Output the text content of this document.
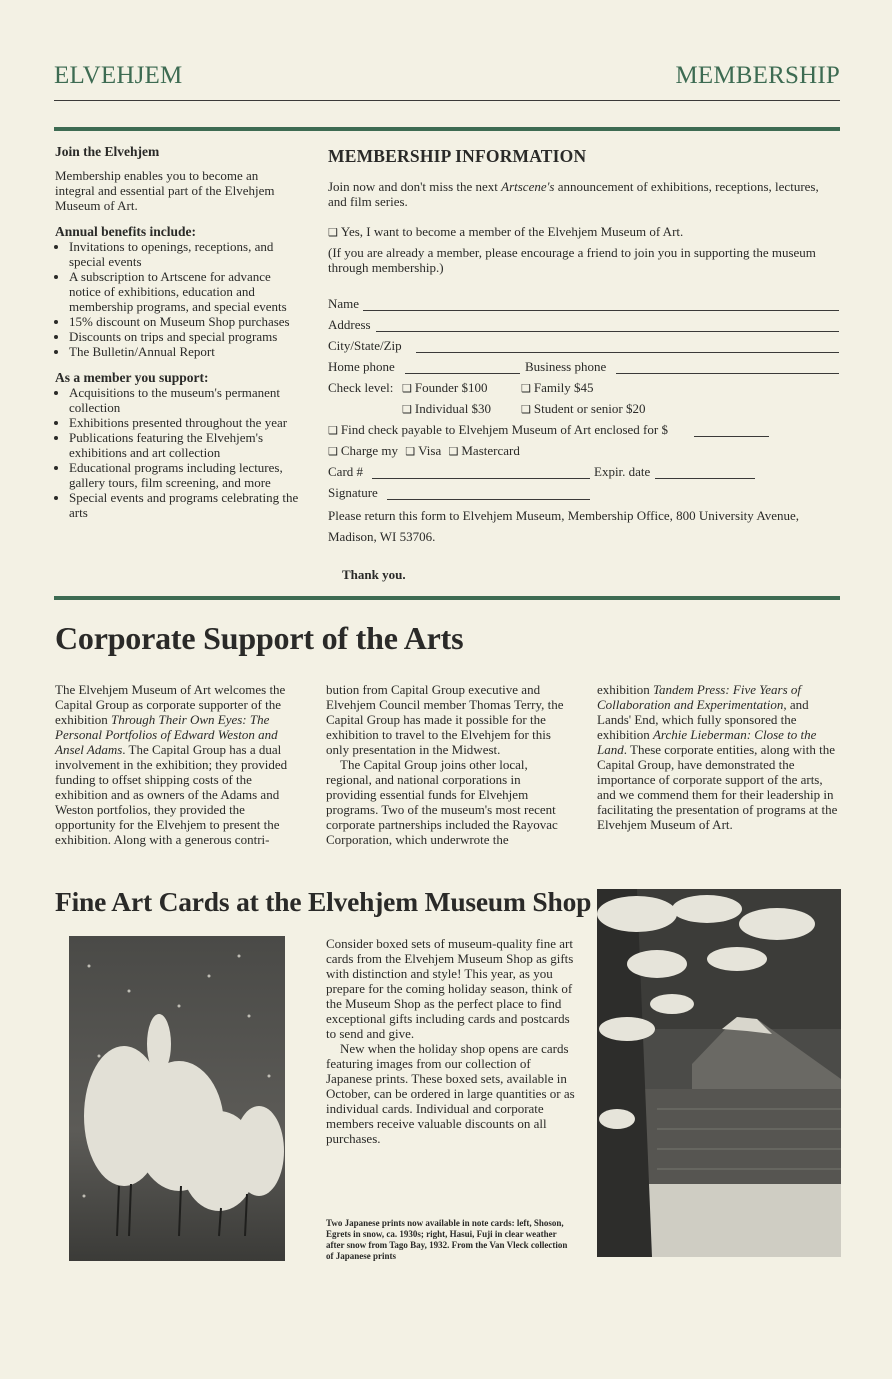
ELVEHJEM	MEMBERSHIP
Join the Elvehjem

Membership enables you to become an integral and essential part of the Elvehjem Museum of Art.

Annual benefits include:
• Invitations to openings, receptions, and special events
• A subscription to Artscene for advance notice of exhibitions, education and membership programs, and special events
• 15% discount on Museum Shop purchases
• Discounts on trips and special programs
• The Bulletin/Annual Report
As a member you support:
• Acquisitions to the museum's permanent collection
• Exhibitions presented throughout the year
• Publications featuring the Elvehjem's exhibitions and art collection
• Educational programs including lectures, gallery tours, film screening, and more
• Special events and programs celebrating the arts
MEMBERSHIP INFORMATION
Join now and don't miss the next Artscene's announcement of exhibitions, receptions, lectures, and film series.
❑ Yes, I want to become a member of the Elvehjem Museum of Art.
(If you are already a member, please encourage a friend to join you in supporting the museum through membership.)
Name
Address
City/State/Zip
Home phone	Business phone
Check level:	❑ Founder $100	❑ Family $45
❑ Individual $30	❑ Student or senior $20
❑ Find check payable to Elvehjem Museum of Art enclosed for $
❑ Charge my ❑ Visa ❑ Mastercard
Card #	Expir. date
Signature
Please return this form to Elvehjem Museum, Membership Office, 800 University Avenue, Madison, WI 53706.
Thank you.
Corporate Support of the Arts

The Elvehjem Museum of Art welcomes the Capital Group as corporate supporter of the exhibition Through Their Own Eyes: The Personal Portfolios of Edward Weston and Ansel Adams. The Capital Group has a dual involvement in the exhibition; they provided funding to offset shipping costs of the exhibition and as owners of the Adams and Weston portfolios, they provided the opportunity for the Elvehjem to present the exhibition. Along with a generous contri-

bution from Capital Group executive and Elvehjem Council member Thomas Terry, the Capital Group has made it possible for the exhibition to travel to the Elvehjem for this only presentation in the Midwest.

The Capital Group joins other local, regional, and national corporations in providing essential funds for Elvehjem programs. Two of the museum's most recent corporate partnerships included the Rayovac Corporation, which underwrote the

exhibition Tandem Press: Five Years of Collaboration and Experimentation, and Lands' End, which fully sponsored the exhibition Archie Lieberman: Close to the Land. These corporate entities, along with the Capital Group, have demonstrated the importance of corporate support of the arts, and we commend them for their leadership in facilitating the presentation of programs at the Elvehjem Museum of Art.

Fine Art Cards at the Elvehjem Museum Shop

Consider boxed sets of museum-quality fine art cards from the Elvehjem Museum Shop as gifts with distinction and style! This year, as you prepare for the coming holiday season, think of the Museum Shop as the perfect place to find exceptional gifts including cards and postcards to send and give.

New when the holiday shop opens are cards featuring images from our collection of Japanese prints. These boxed sets, available in October, can be ordered in large quantities or as individual cards. Individual and corporate members receive valuable discounts on all purchases.

Two Japanese prints now available in note cards: left, Shoson, Egrets in snow, ca. 1930s; right, Hasui, Fuji in clear weather after snow from Tago Bay, 1932. From the Van Vleck collection of Japanese prints
